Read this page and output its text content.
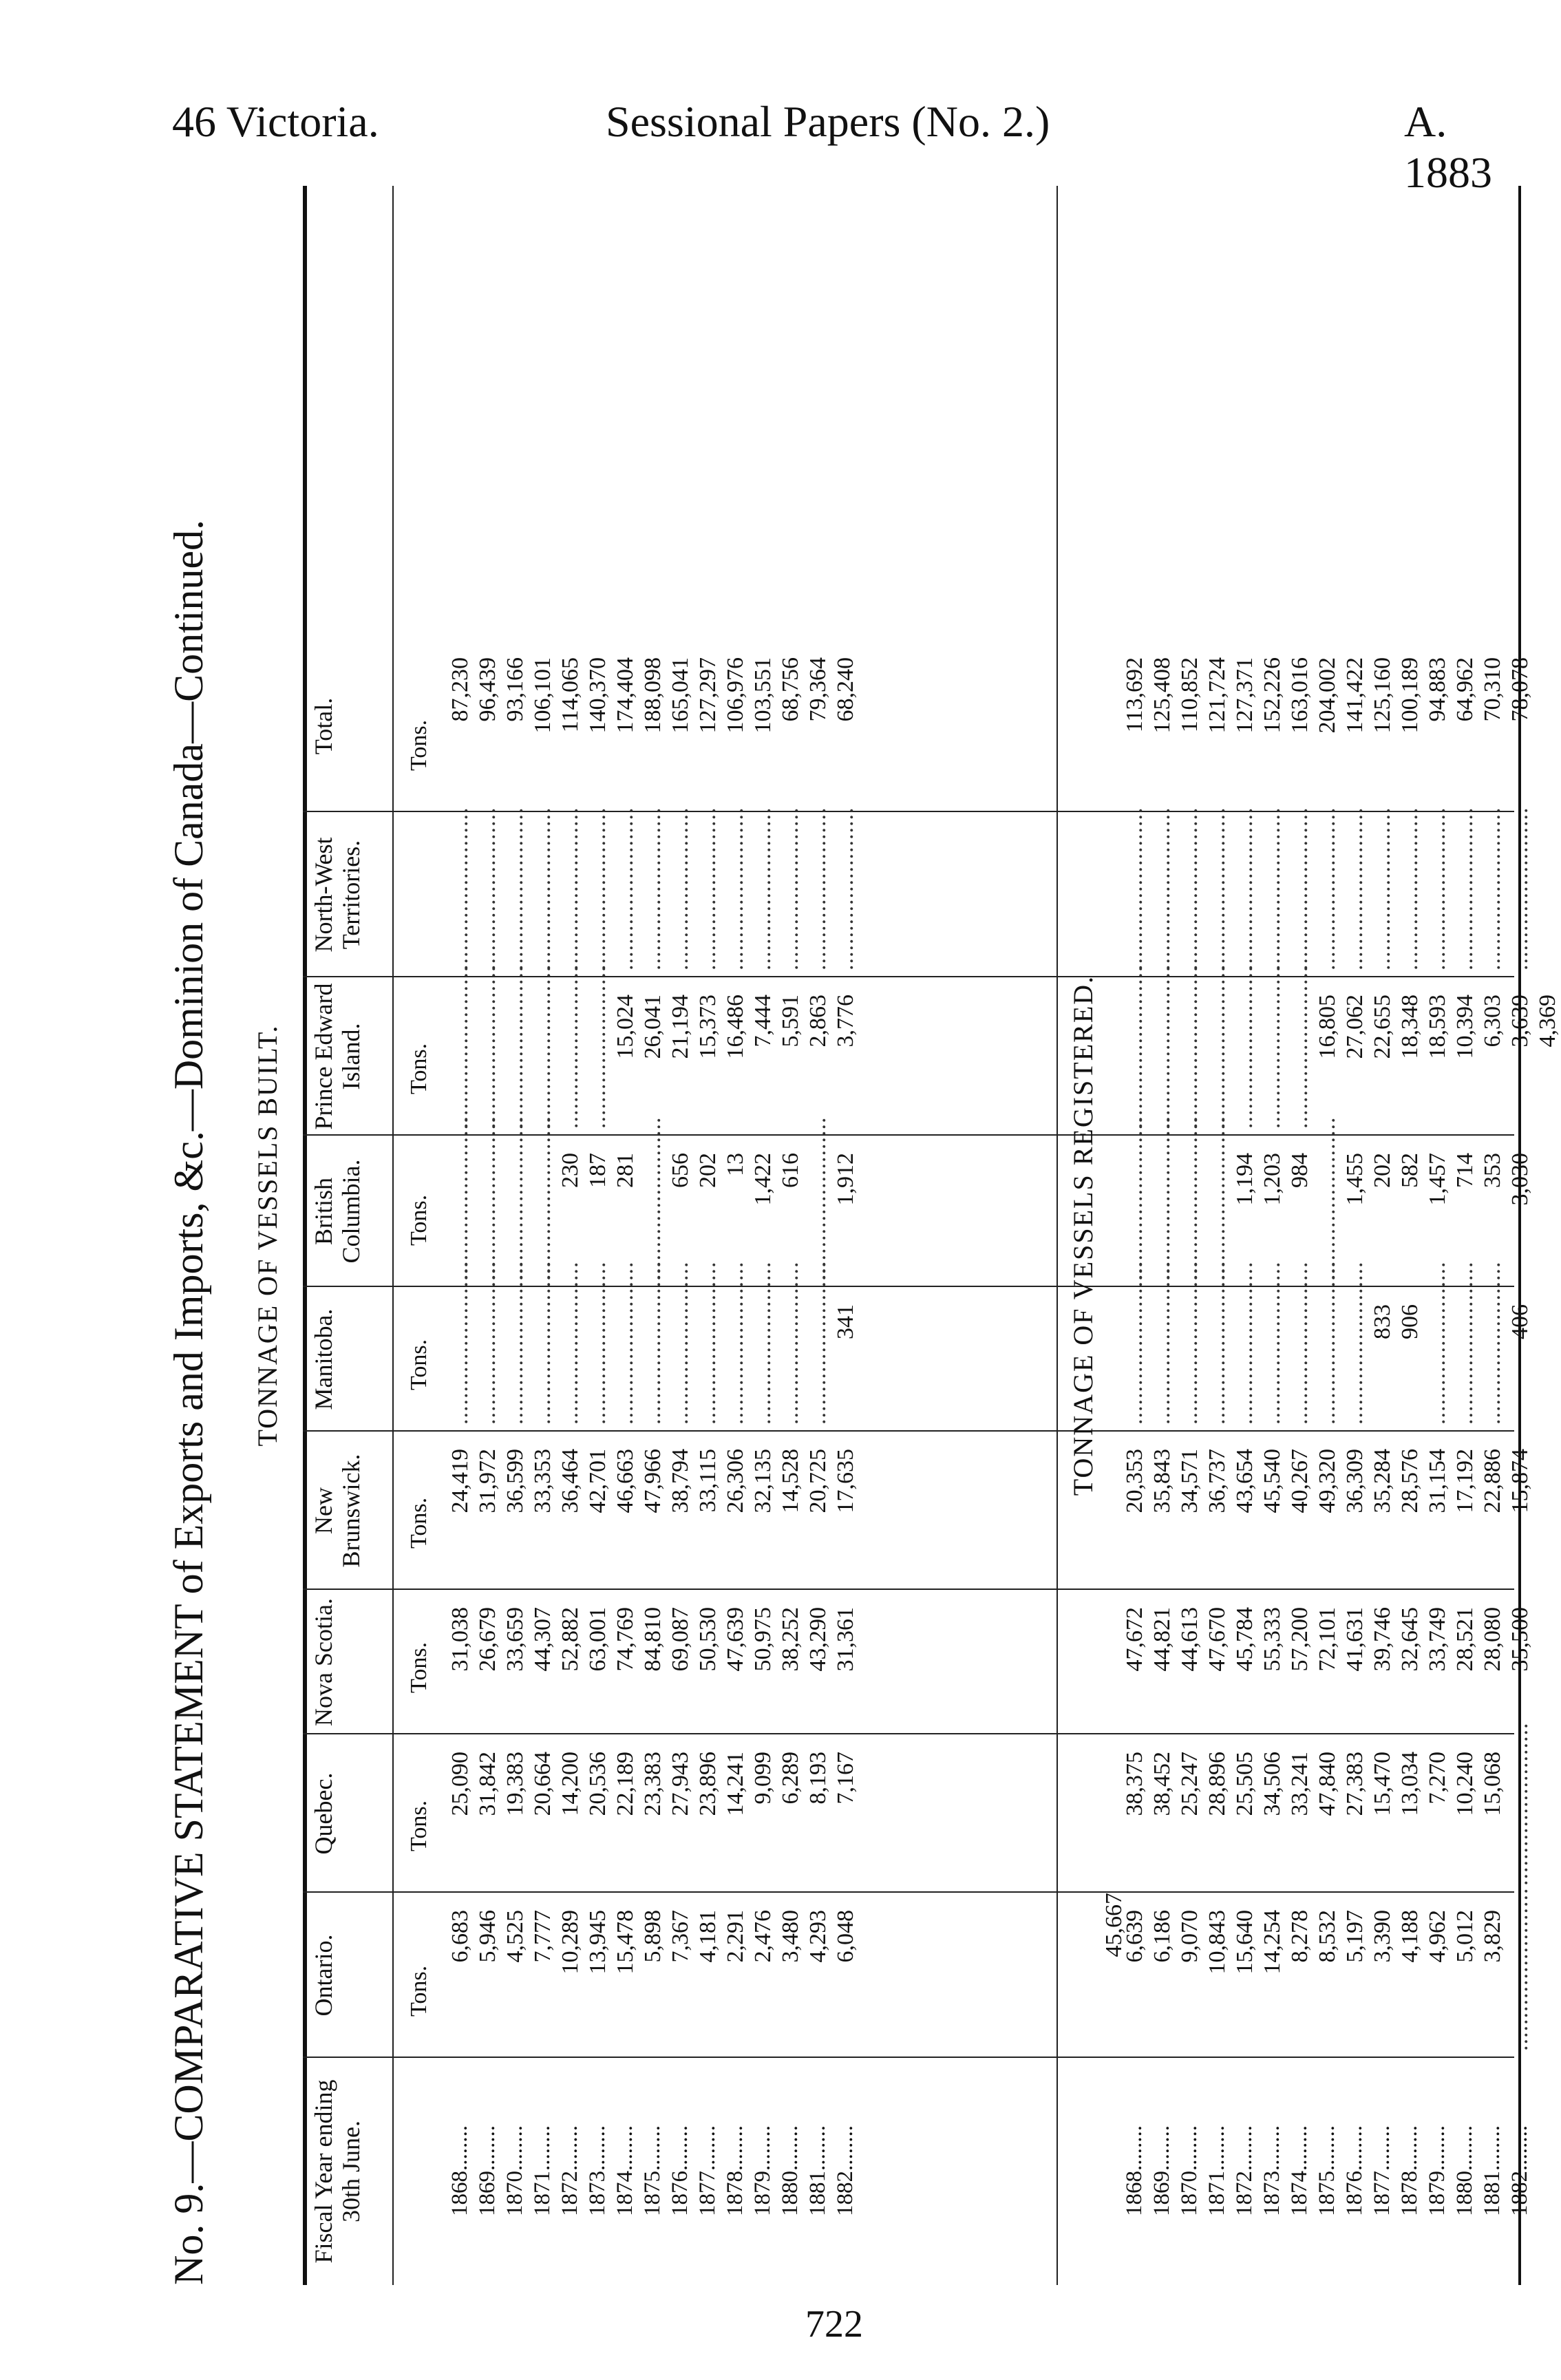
46 Victoria.	Sessional Papers (No. 2.)	A. 1883
No. 9.—COMPARATIVE STATEMENT of Exports and Imports, &c.—Dominion of Canada—Continued. TONNAGE OF VESSELS BUILT.
Fiscal Year ending 30th June.
Ontario.
Quebec.
Nova Scotia.
New Brunswick.
Manitoba.
British Columbia.
Prince Edward Island.
North-West Territories.
Total.
Tons.
Tons.
Tons.
Tons.
Tons.
Tons.
Tons.
Tons.
1868........
6,683
25,090
31,038
24,419
.........................
.........................
.........................
.........................
87,230
1869........
5,946
31,842
26,679
31,972
.........................
.........................
.........................
.........................
96,439
1870........
4,525
19,383
33,659
36,599
.........................
.........................
.........................
.........................
93,166
1871........
7,777
20,664
44,307
33,353
.........................
.........................
.........................
.........................
106,101
1872........
10,289
14,200
52,882
36,464
.........................
230
.........................
.........................
114,065
1873........
13,945
20,536
63,001
42,701
.........................
187
.........................
.........................
140,370
1874........
15,478
22,189
74,769
46,663
.........................
281
15,024
.........................
174,404
1875........
5,898
23,383
84,810
47,966
.........................
.........................
26,041
.........................
188,098
1876........
7,367
27,943
69,087
38,794
.........................
656
21,194
.........................
165,041
1877........
4,181
23,896
50,530
33,115
.........................
202
15,373
.........................
127,297
1878........
2,291
14,241
47,639
26,306
.........................
13
16,486
.........................
106,976
1879........
2,476
9,099
50,975
32,135
.........................
1,422
7,444
.........................
103,551
1880........
3,480
6,289
38,252
14,528
.........................
616
5,591
.........................
68,756
1881........
4,293
8,193
43,290
20,725
.........................
.........................
2,863
.........................
79,364
1882........
6,048
7,167
31,361
17,635
341
1,912
3,776
.........................
68,240
TONNAGE OF VESSELS REGISTERED.
45,667
1868........
6,639
38,375
47,672
20,353
.........................
.........................
.........................
.........................
113,692
1869........
6,186
38,452
44,821
35,843
.........................
.........................
.........................
.........................
125,408
1870........
9,070
25,247
44,613
34,571
.........................
.........................
.........................
.........................
110,852
1871........
10,843
28,896
47,670
36,737
.........................
.........................
.........................
.........................
121,724
1872........
15,640
25,505
45,784
43,654
.........................
1,194
.........................
.........................
127,371
1873........
14,254
34,506
55,333
45,540
.........................
1,203
.........................
.........................
152,226
1874........
8,278
33,241
57,200
40,267
.........................
984
.........................
.........................
163,016
1875........
8,532
47,840
72,101
49,320
.........................
.........................
16,805
.........................
204,002
1876........
5,197
27,383
41,631
36,309
.........................
1,455
27,062
.........................
141,422
1877........
3,390
15,470
39,746
35,284
833
202
22,655
.........................
125,160
1878........
4,188
13,034
32,645
28,576
906
582
18,348
.........................
100,189
1879........
4,962
7,270
33,749
31,154
.........................
1,457
18,593
.........................
94,883
1880........
5,012
10,240
28,521
17,192
.........................
714
10,394
.........................
64,962
1881........
3,829
15,068
28,080
22,886
.........................
353
6,303
.........................
70,310
1882........
.........................
.........................
35,500
15,874
406
3,030
3,639
.........................
78,078
4,369
722
